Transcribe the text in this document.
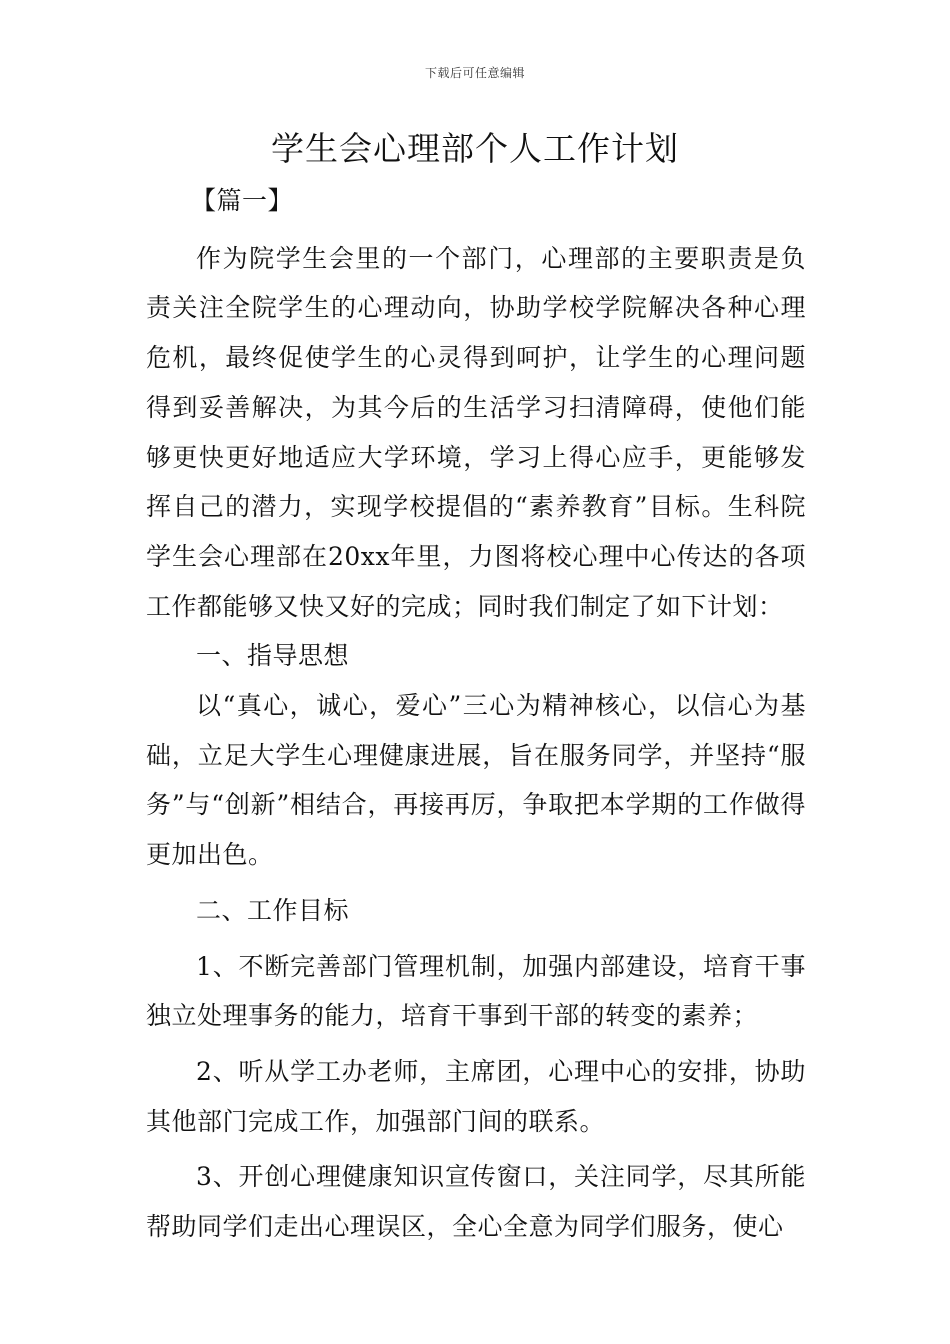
下载后可任意编辑
学生会心理部个人工作计划

【篇一】

作为院学生会里的一个部门，心理部的主要职责是负责关注全院学生的心理动向，协助学校学院解决各种心理危机，最终促使学生的心灵得到呵护，让学生的心理问题得到妥善解决，为其今后的生活学习扫清障碍，使他们能够更快更好地适应大学环境，学习上得心应手，更能够发挥自己的潜力，实现学校提倡的“素养教育”目标。生科院学生会心理部在20xx年里，力图将校心理中心传达的各项工作都能够又快又好的完成；同时我们制定了如下计划：

一、指导思想

以“真心，诚心，爱心”三心为精神核心，以信心为基础，立足大学生心理健康进展，旨在服务同学，并坚持“服务”与“创新”相结合，再接再厉，争取把本学期的工作做得更加出色。

二、工作目标

1、不断完善部门管理机制，加强内部建设，培育干事独立处理事务的能力，培育干事到干部的转变的素养；

2、听从学工办老师，主席团，心理中心的安排，协助其他部门完成工作，加强部门间的联系。

3、开创心理健康知识宣传窗口，关注同学，尽其所能帮助同学们走出心理误区，全心全意为同学们服务，使心
